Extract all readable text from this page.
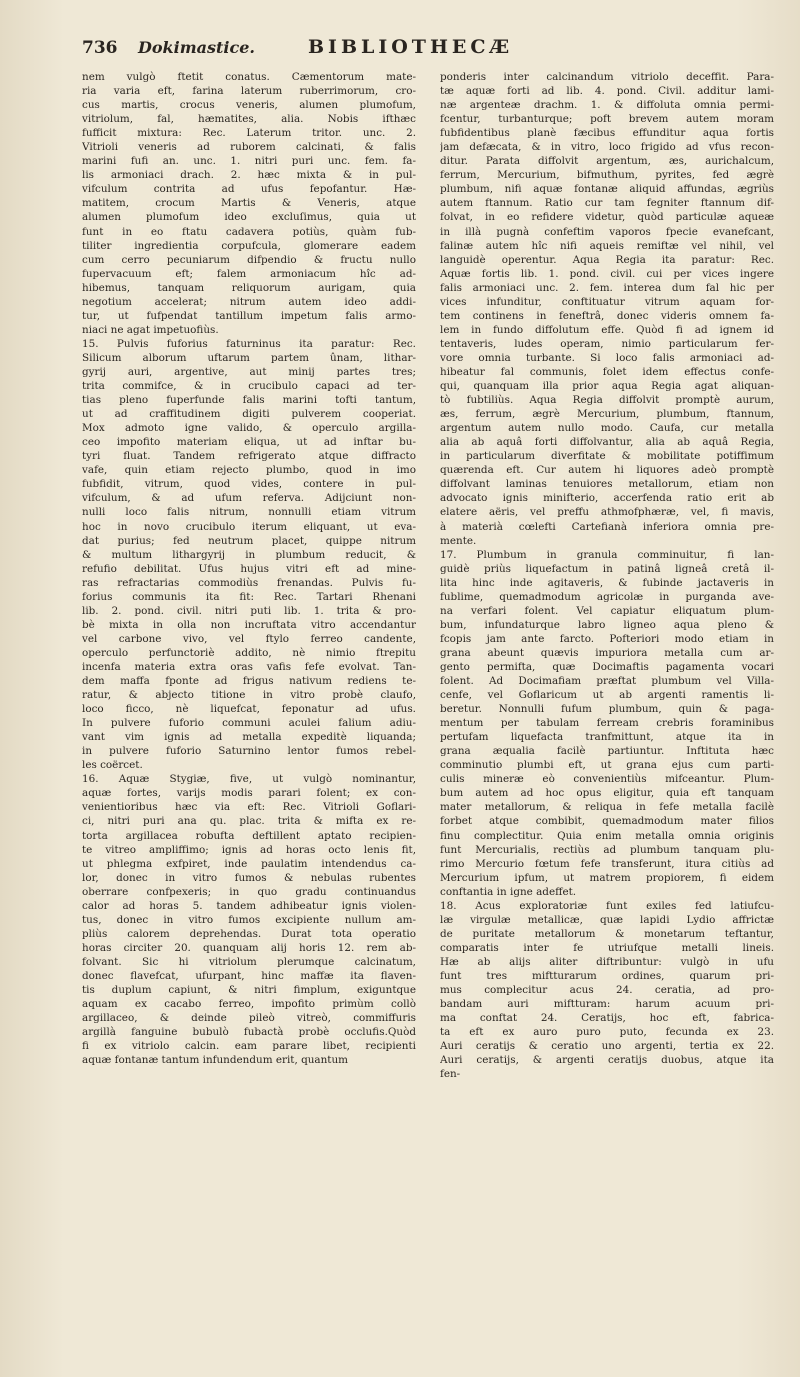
736	Dokimastice.	BIBLIOTHECÆ

nem vulgò ftetit conatus. Cæmentorum mate-
ria varia eft, farina laterum ruberrimorum, cro-
cus martis, crocus veneris, alumen plumofum,
vitriolum, fal, hæmatites, alia. Nobis ifthæc
fufficit mixtura: Rec. Laterum tritor. unc. 2.
Vitrioli veneris ad ruborem calcinati, & falis
marini fufi an. unc. 1. nitri puri unc. fem. fa-
lis armoniaci drach. 2. hæc mixta & in pul-
vifculum contrita ad ufus fepofantur. Hæ-
matitem, crocum Martis & Veneris, atque
alumen plumofum ideo excluſimus, quia ut
funt in eo ftatu cadavera potiùs, quàm fub-
tiliter ingredientia corpufcula, glomerare eadem
cum cerro pecuniarum difpendio & fructu nullo
fupervacuum eft; falem armoniacum hîc ad-
hibemus, tanquam reliquorum aurigam, quia
negotium accelerat; nitrum autem ideo addi-
tur, ut fufpendat tantillum impetum falis armo-
niaci ne agat impetuofiùs.

15. Pulvis fuforius faturninus ita paratur: Rec.
Silicum alborum uftarum partem ûnam, lithar-
gyrij auri, argentive, aut minij partes tres;
trita commifce, & in crucibulo capaci ad ter-
tias pleno fuperfunde falis marini tofti tantum,
ut ad craffitudinem digiti pulverem cooperiat.
Mox admoto igne valido, & operculo argilla-
ceo impofito materiam eliqua, ut ad inftar bu-
tyri fluat. Tandem refrigerato atque diffracto
vafe, quin etiam rejecto plumbo, quod in imo
fubfidit, vitrum, quod vides, contere in pul-
vifculum, & ad ufum referva. Adijciunt non-
nulli loco falis nitrum, nonnulli etiam vitrum
hoc in novo crucibulo iterum eliquant, ut eva-
dat purius; fed neutrum placet, quippe nitrum
& multum lithargyrij in plumbum reducit, &
refufio debilitat. Ufus hujus vitri eft ad mine-
ras refractarias commodiùs frenandas. Pulvis fu-
forius communis ita fit: Rec. Tartari Rhenani
lib. 2. pond. civil. nitri puti lib. 1. trita & pro-
bè mixta in olla non incruftata vitro accendantur
vel carbone vivo, vel ftylo ferreo candente,
operculo perfunctoriè addito, nè nimio ftrepitu
incenfa materia extra oras vafis fefe evolvat. Tan-
dem maffa fponte ad frigus nativum rediens te-
ratur, & abjecto titione in vitro probè claufo,
loco ficco, nè liquefcat, feponatur ad ufus.
In pulvere fuforio communi aculei falium adiu-
vant vim ignis ad metalla expeditè liquanda;
in pulvere fuforio Saturnino lentor fumos rebel-
les coërcet.

16. Aquæ Stygiæ, five, ut vulgò nominantur,
aquæ fortes, varijs modis parari folent; ex con-
venientioribus hæc via eft: Rec. Vitrioli Goflari-
ci, nitri puri ana qu. plac. trita & mifta ex re-
torta argillacea robufta deftillent aptato recipien-
te vitreo ampliffimo; ignis ad horas octo lenis fit,
ut phlegma exfpiret, inde paulatim intendendus ca-
lor, donec in vitro fumos & nebulas rubentes
oberrare confpexeris; in quo gradu continuandus
calor ad horas 5. tandem adhibeatur ignis violen-
tus, donec in vitro fumos excipiente nullum am-
pliùs calorem deprehendas. Durat tota operatio
horas circiter 20. quanquam alij horis 12. rem ab-
folvant. Sic hi vitriolum plerumque calcinatum,
donec flavefcat, ufurpant, hinc maffæ ita flaven-
tis duplum capiunt, & nitri fimplum, exiguntque
aquam ex cacabo ferreo, impofito primùm collò
argillaceo, & deinde pileò vitreò, commiffuris
argillà fanguine bubulò fubactà probè occlufis.Quòd
fi ex vitriolo calcin. eam parare libet, recipienti
aquæ fontanæ tantum infundendum erit, quantum

ponderis inter calcinandum vitriolo deceffit. Para-
tæ aquæ forti ad lib. 4. pond. Civil. additur lami-
næ argenteæ drachm. 1. & diffoluta omnia permi-
fcentur, turbanturque; poft brevem autem moram
fubfidentibus planè fæcibus effunditur aqua fortis
jam defæcata, & in vitro, loco frigido ad vfus recon-
ditur. Parata diffolvit argentum, æs, aurichalcum,
ferrum, Mercurium, bifmuthum, pyrites, fed ægrè
plumbum, nifi aquæ fontanæ aliquid affundas, ægriùs
autem ftannum. Ratio cur tam fegniter ftannum dif-
folvat, in eo refidere videtur, quòd particulæ aqueæ
in illà pugnà confeftim vaporos fpecie evanefcant,
falinæ autem hîc nifi aqueis remiftæ vel nihil, vel
languidè operentur. Aqua Regia ita paratur: Rec.
Aquæ fortis lib. 1. pond. civil. cui per vices ingere
falis armoniaci unc. 2. fem. interea dum fal hic per
vices infunditur, conftituatur vitrum aquam for-
tem continens in feneftrâ, donec videris omnem fa-
lem in fundo diffolutum effe. Quòd fi ad ignem id
tentaveris, ludes operam, nimio particularum fer-
vore omnia turbante. Si loco falis armoniaci ad-
hibeatur fal communis, folet idem effectus confe-
qui, quanquam illa prior aqua Regia agat aliquan-
tò fubtiliùs. Aqua Regia diffolvit promptè aurum,
æs, ferrum, ægrè Mercurium, plumbum, ftannum,
argentum autem nullo modo. Caufa, cur metalla
alia ab aquâ forti diffolvantur, alia ab aquâ Regia,
in particularum diverfitate & mobilitate potiffimum
quærenda eft. Cur autem hi liquores adeò promptè
diffolvant laminas tenuiores metallorum, etiam non
advocato ignis minifterio, accerfenda ratio erit ab
elatere aëris, vel preffu athmofphæræ, vel, fi mavis,
à materià cœlefti Cartefianà inferiora omnia pre-
mente.

17. Plumbum in granula comminuitur, fi lan-
guidè priùs liquefactum in patinâ ligneâ cretâ il-
lita hinc inde agitaveris, & fubinde jactaveris in
fublime, quemadmodum agricolæ in purganda ave-
na verfari folent. Vel capiatur eliquatum plum-
bum, infundaturque labro ligneo aqua pleno &
fcopis jam ante farcto. Pofteriori modo etiam in
grana abeunt quævis impuriora metalla cum ar-
gento permifta, quæ Docimaftis pagamenta vocari
folent. Ad Docimafiam præftat plumbum vel Villa-
cenfe, vel Goflaricum ut ab argenti ramentis li-
beretur. Nonnulli fufum plumbum, quin & paga-
mentum per tabulam ferream crebris foraminibus
pertufam liquefacta tranfmittunt, atque ita in
grana æqualia facilè partiuntur. Inftituta hæc
comminutio plumbi eft, ut grana ejus cum parti-
culis mineræ eò convenientiùs mifceantur. Plum-
bum autem ad hoc opus eligitur, quia eft tanquam
mater metallorum, & reliqua in fefe metalla facilè
forbet atque combibit, quemadmodum mater filios
finu complectitur. Quia enim metalla omnia originis
funt Mercurialis, rectiùs ad plumbum tanquam plu-
rimo Mercurio fœtum fefe transferunt, itura citiùs ad
Mercurium ipfum, ut matrem propiorem, fi eidem
conftantia in igne adeffet.

18. Acus exploratoriæ funt exiles fed latiufcu-
læ virgulæ metallicæ, quæ lapidi Lydio affrictæ
de puritate metallorum & monetarum teftantur,
comparatis inter fe utriufque metalli lineis.
Hæ ab alijs aliter diftribuntur: vulgò in ufu
funt tres miftturarum ordines, quarum pri-
mus complecitur acus 24. ceratia, ad pro-
bandam auri miftturam: harum acuum pri-
ma conftat 24. Ceratijs, hoc eft, fabrica-
ta eft ex auro puro puto, fecunda ex 23.
Auri ceratijs & ceratio uno argenti, tertia ex 22.
Auri ceratijs, & argenti ceratijs duobus, atque ita
fen-
